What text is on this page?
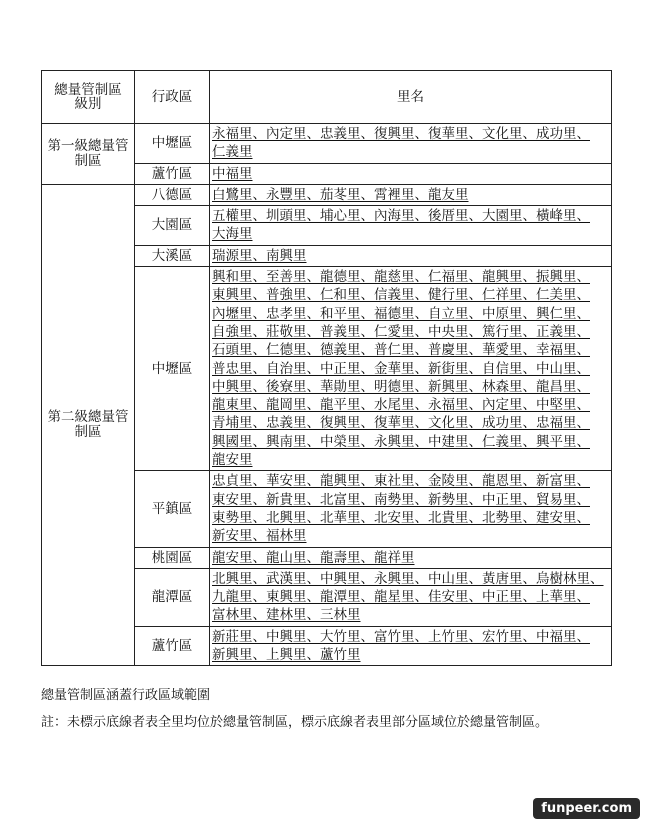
總量管制區
級別	行政區	里名
第一級總量管制區	中壢區	永福里、內定里、忠義里、復興里、復華里、文化里、成功里、仁義里
	蘆竹區	中福里
第二級總量管制區	八德區	白鷺里、永豐里、茄苳里、霄裡里、龍友里
	大園區	五權里、圳頭里、埔心里、內海里、後厝里、大園里、橫峰里、大海里
	大溪區	瑞源里、南興里
	中壢區	興和里、至善里、龍德里、龍慈里、仁福里、龍興里、振興里、東興里、普強里、仁和里、信義里、健行里、仁祥里、仁美里、內壢里、忠孝里、和平里、福德里、自立里、中原里、興仁里、自強里、莊敬里、普義里、仁愛里、中央里、篤行里、正義里、石頭里、仁德里、德義里、普仁里、普慶里、華愛里、幸福里、普忠里、自治里、中正里、金華里、新街里、自信里、中山里、中興里、後寮里、華勛里、明德里、新興里、林森里、龍昌里、龍東里、龍岡里、龍平里、水尾里、永福里、內定里、中堅里、青埔里、忠義里、復興里、復華里、文化里、成功里、忠福里、興國里、興南里、中榮里、永興里、中建里、仁義里、興平里、龍安里
	平鎮區	忠貞里、華安里、龍興里、東社里、金陵里、龍恩里、新富里、東安里、新貴里、北富里、南勢里、新勢里、中正里、貿易里、東勢里、北興里、北華里、北安里、北貴里、北勢里、建安里、新安里、福林里
	桃園區	龍安里、龍山里、龍壽里、龍祥里
	龍潭區	北興里、武漢里、中興里、永興里、中山里、黃唐里、烏樹林里、九龍里、東興里、龍潭里、龍星里、佳安里、中正里、上華里、富林里、建林里、三林里
	蘆竹區	新莊里、中興里、大竹里、富竹里、上竹里、宏竹里、中福里、新興里、上興里、蘆竹里
總量管制區涵蓋行政區域範圍
註：未標示底線者表全里均位於總量管制區，標示底線者表里部分區域位於總量管制區。
funpeer.com
